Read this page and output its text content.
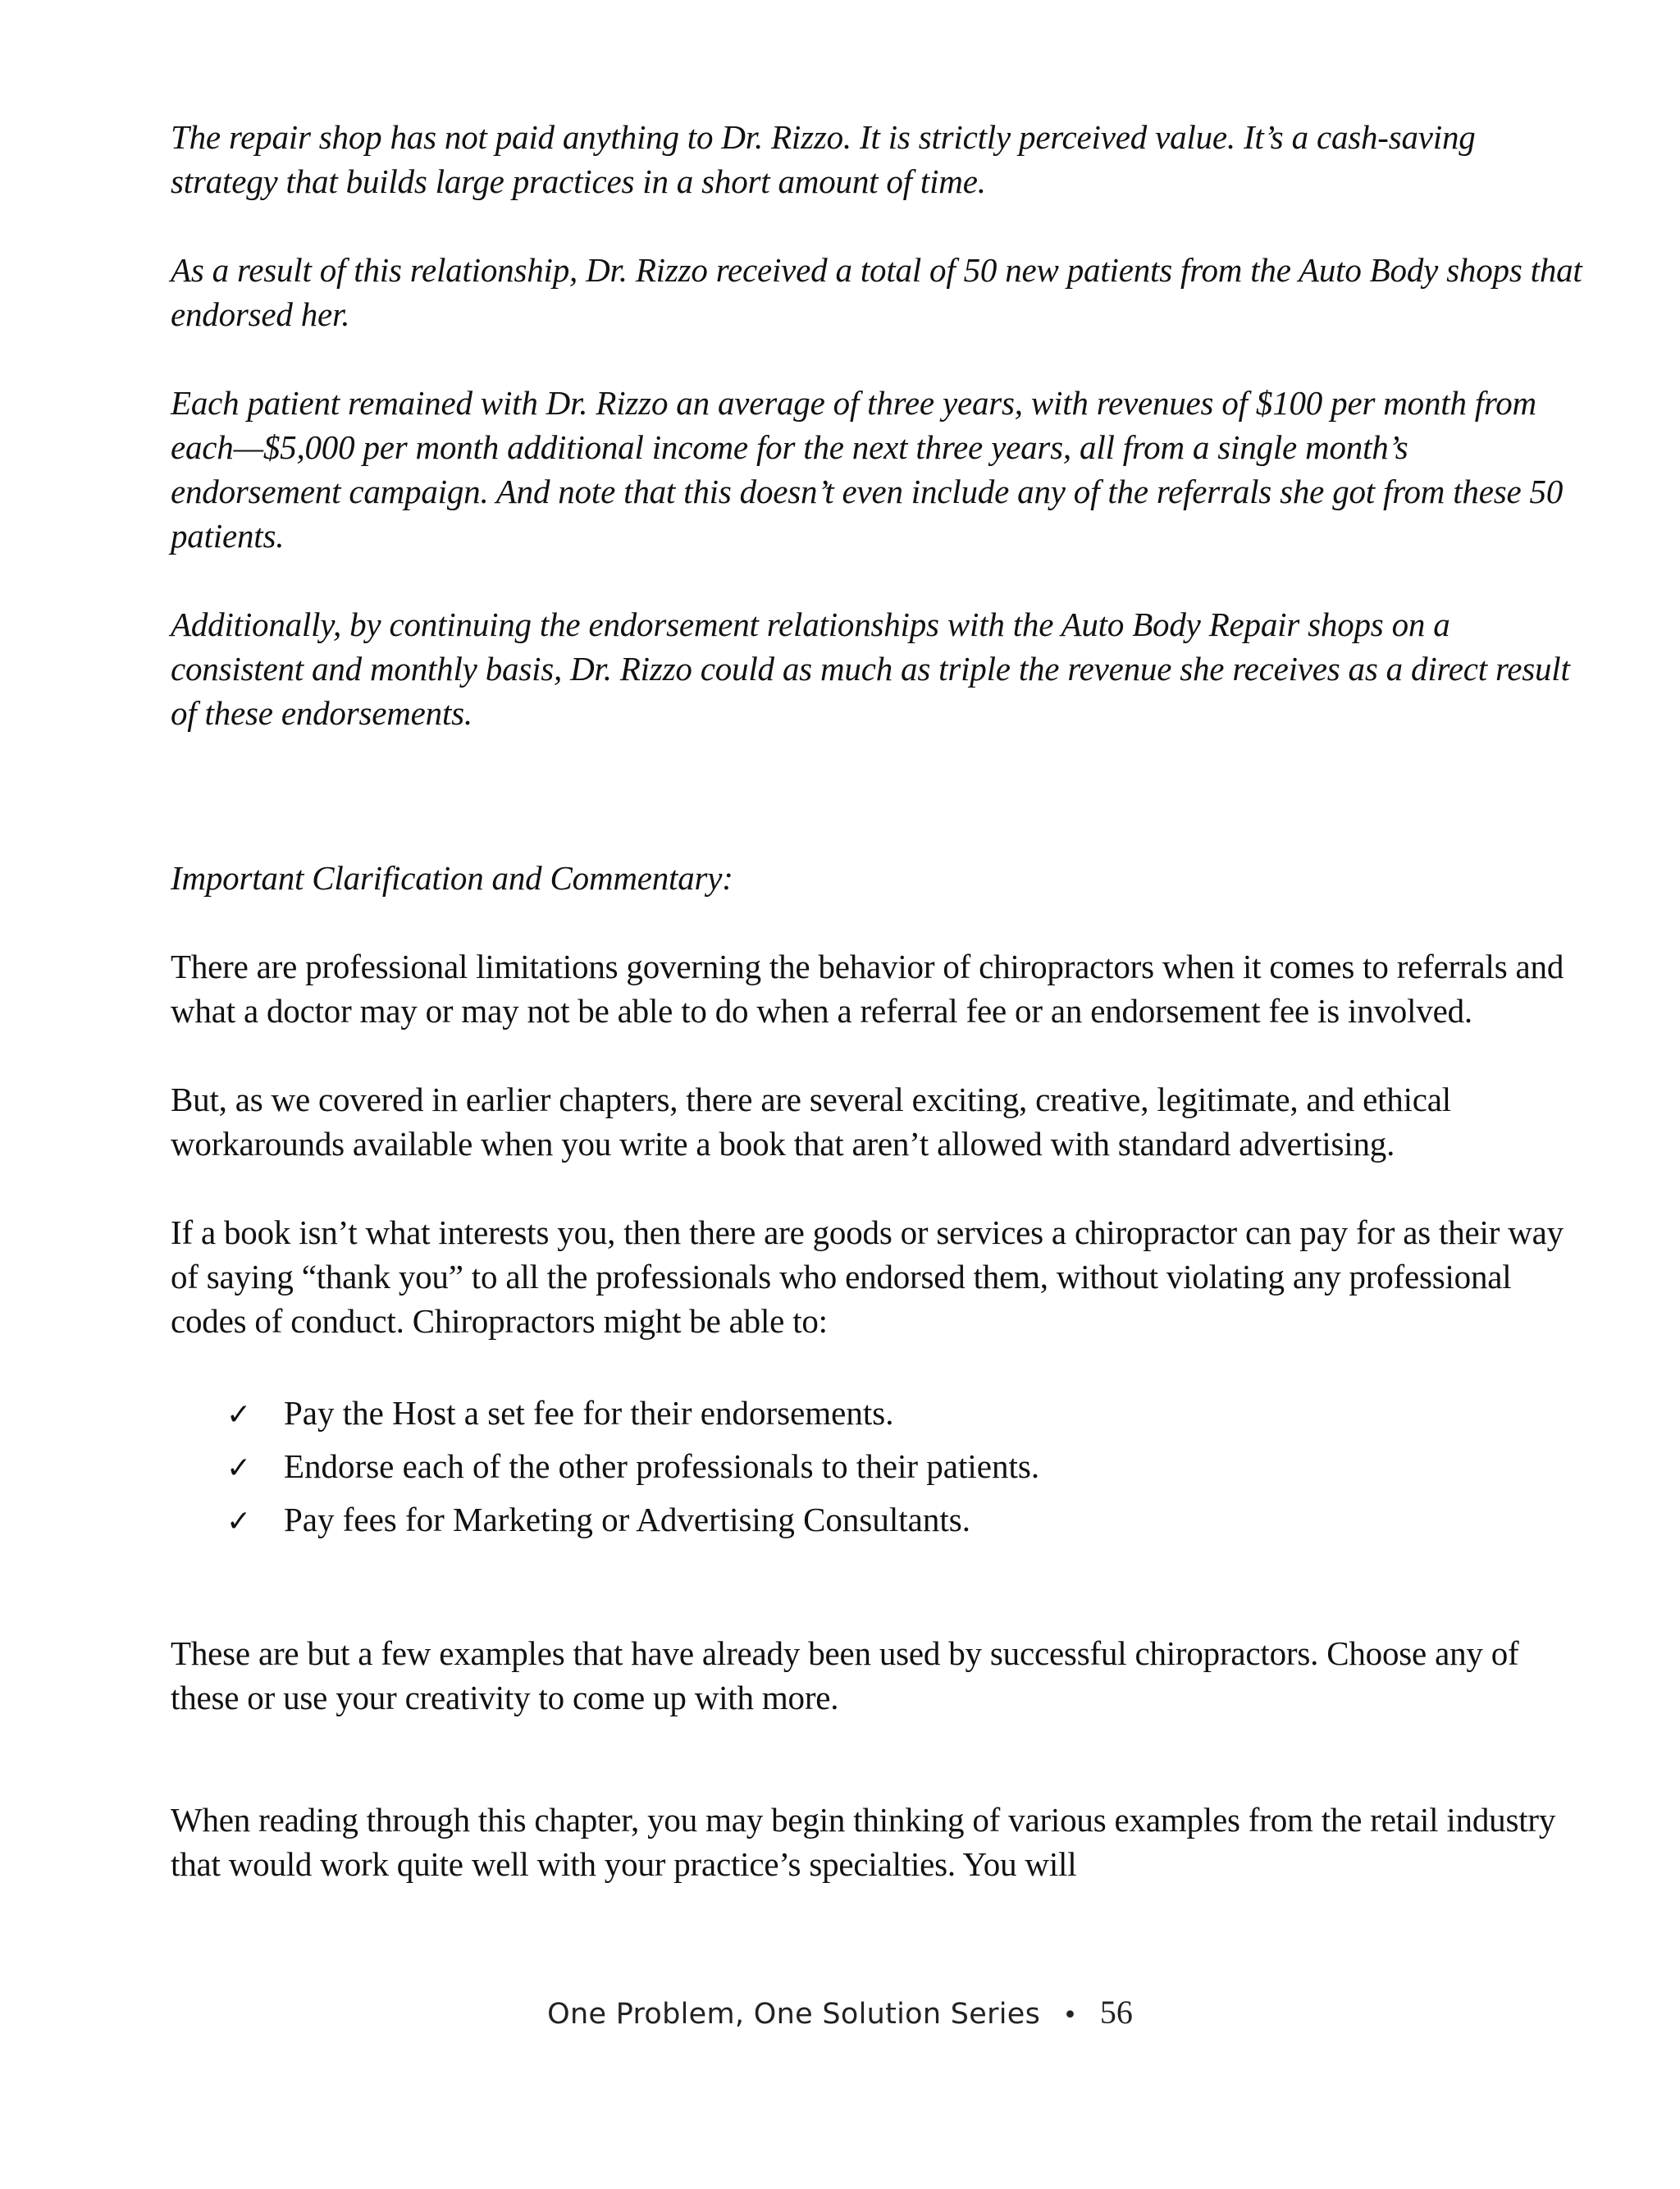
The repair shop has not paid anything to Dr. Rizzo. It is strictly perceived value. It’s a cash-saving strategy that builds large practices in a short amount of time.

As a result of this relationship, Dr. Rizzo received a total of 50 new patients from the Auto Body shops that endorsed her.

Each patient remained with Dr. Rizzo an average of three years, with revenues of $100 per month from each—$5,000 per month additional income for the next three years, all from a single month’s endorsement campaign. And note that this doesn’t even include any of the referrals she got from these 50 patients.

Additionally, by continuing the endorsement relationships with the Auto Body Repair shops on a consistent and monthly basis, Dr. Rizzo could as much as triple the revenue she receives as a direct result of these endorsements.

Important Clarification and Commentary:

There are professional limitations governing the behavior of chiropractors when it comes to referrals and what a doctor may or may not be able to do when a referral fee or an endorsement fee is involved.

But, as we covered in earlier chapters, there are several exciting, creative, legitimate, and ethical workarounds available when you write a book that aren’t allowed with standard advertising.

If a book isn’t what interests you, then there are goods or services a chiropractor can pay for as their way of saying “thank you” to all the professionals who endorsed them, without violating any professional codes of conduct. Chiropractors might be able to:

✓ Pay the Host a set fee for their endorsements.
✓ Endorse each of the other professionals to their patients.
✓ Pay fees for Marketing or Advertising Consultants.

These are but a few examples that have already been used by successful chiropractors. Choose any of these or use your creativity to come up with more.

When reading through this chapter, you may begin thinking of various examples from the retail industry that would work quite well with your practice’s specialties. You will

One Problem, One Solution Series • 56
